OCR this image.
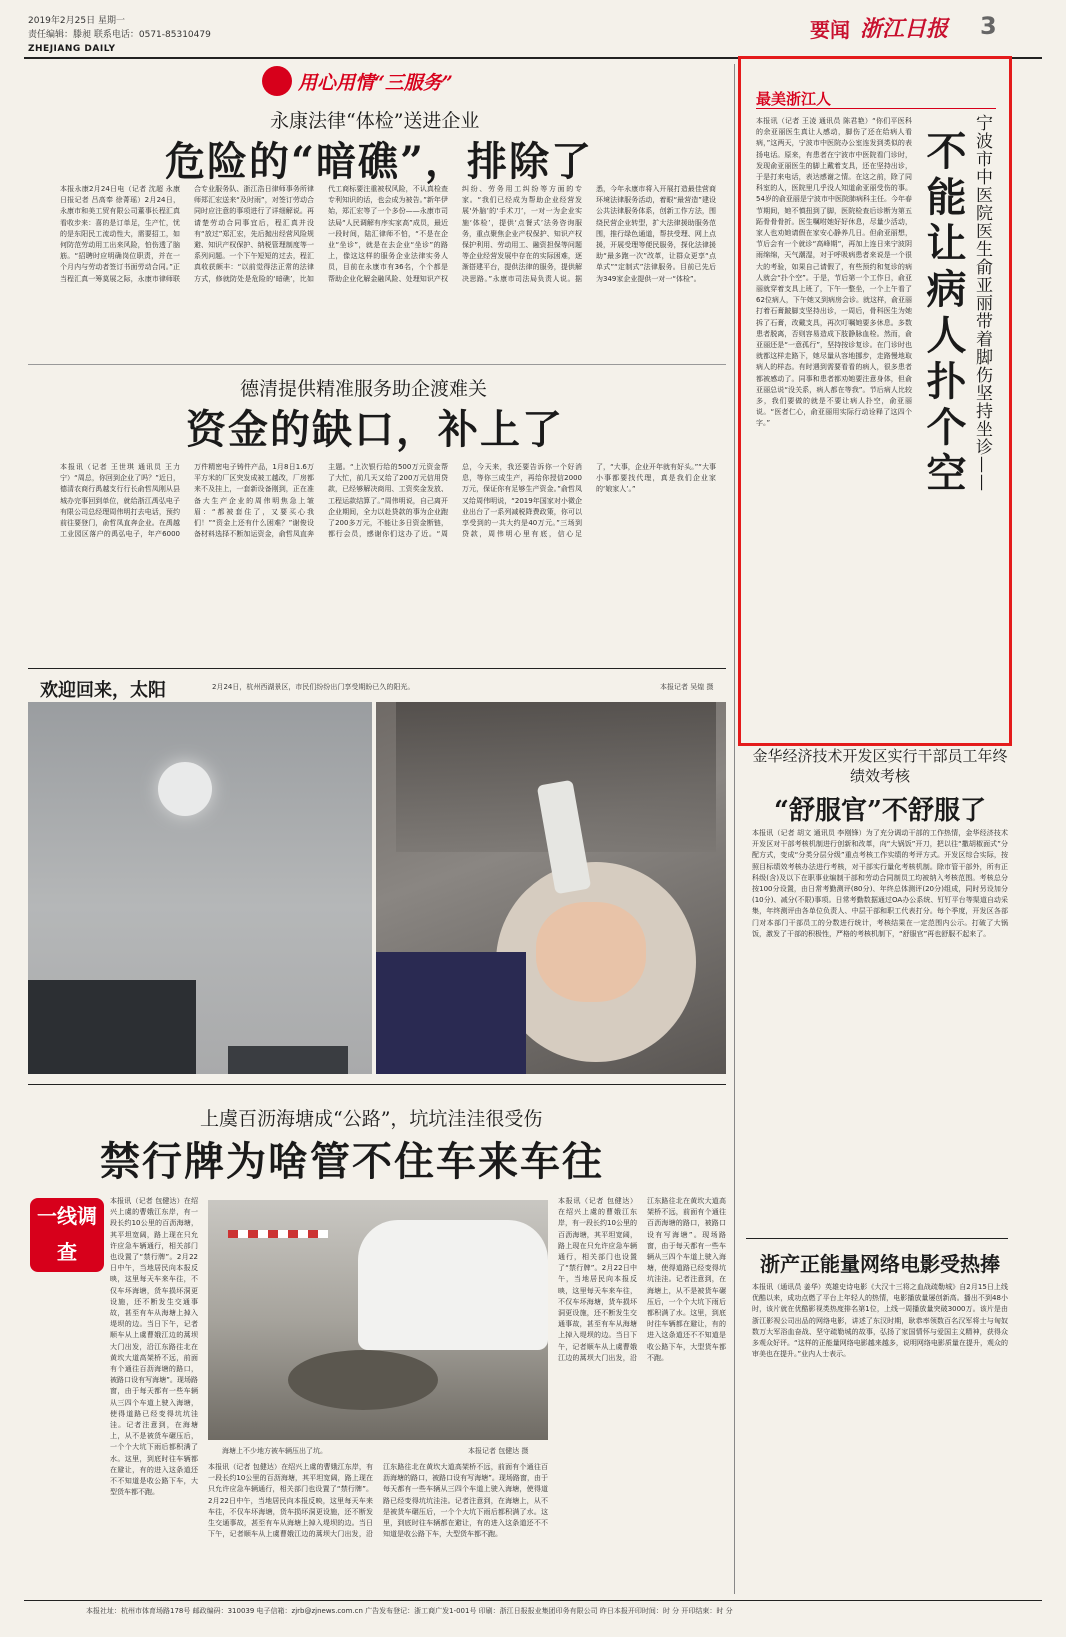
2019年2月25日 星期一
责任编辑：滕昶 联系电话：0571-85310479
ZHEJIANG DAILY
要闻 浙江日报 3
用心用情“三服务”
永康法律“体检”送进企业
危险的“暗礁”，排除了
本报永康2月24日电（记者 沈超 永康日报记者 吕高奉 徐菁瑶）2月24日，永康市和美工贸有限公司董事长程汇真看收步来：喜的是订单足，生产忙，忧的是东阳民工流动性大，需要招工，如何防范劳动用工出来风险，怕伤透了脑筋。“招聘时应明确岗位职责，并在一个月内与劳动者签订书面劳动合同。”正当程汇真一筹莫展之际，永康市律师联合专业服务队、浙江浩日律师事务所律师郑汇宏送来“及时雨”，对签订劳动合同时应注意的事项进行了详细解说。再请楚劳动合同事宜后，程汇真并没有“放过”郑汇宏，先后抛出经营风险规避、知识产权保护、纳税管理制度等一系列问题。一个下午短短的过去，程汇真收获颇丰：“以前觉得法正常的法律方式，修就防处是危险的‘暗礁’，比如代工商标要注重被权风险，不认真检查专利知识的话，也会成为被告。”新年伊始，郑汇宏等了一个多份——永康市司法局“人民调解有序实家高”成员，最近一段时间，陆汇律师不怕，“不是在企业“坐诊”，就是在去企业“坐诊”的路上，像这这样的服务企业法律实务人员，目前在永康市有36名，个个都是帮助企业化解金融风险、处理知识产权纠纷、劳务用工纠纷等方面的专家。“我们已经成为帮助企业经营发展‘外脑’的‘手术刀’，一对一为企业实施‘体检’，提供‘点餐式’法务咨询服务，重点聚焦企业产权保护、知识产权保护利用、劳动用工、融资担保等问题等企业经营发展中存在的实际困难，逐渐搭建平台，提供法律的服务，提供解决思路。”永康市司法局负责人说。据悉，今年永康市将入开展打造最佳营商环境法律服务活动，着眼“最营造”建设公共法律服务体系，创新工作方法，围绕民营企业转型，扩大法律援助服务范围，推行绿色通道，帮扶受理、网上点援，开展受理等便民服务，探化法律援助“最多跑一次”改革，让群众更享“点单式”“定制式”法律服务。目前已先后为349家企业提供一对一“体检”。
德清提供精准服务助企渡难关
资金的缺口，补上了
本报讯（记者 王世琪 通讯员 王力宁）“周总，你回到企业了吗？”近日，德清农商行禹越支行行长俞哲凤刚从县城办完事回到单位，就给浙江禹弘电子有限公司总经理周伟明打去电话，预约前往要登门，俞哲凤直奔企业。在禹越工业园区落户的禹弘电子，年产6000万件精密电子铸件产品，1月8日1.6万平方米的厂区突发成被工越改，厂房都来不及挂上，一套新设备刚到，正在准备大生产企业的周伟明焦急上皱眉：“都被套住了，又要买心我们！”“资金上还有什么困难？”谢俊设备材料选择不断加运资金，俞哲凤直奔主题。“上次银行给的500万元资金帮了大忙，前几天又给了200万元信用贷款，已经够解决商用、工资奖金发放、工程运款结算了。”周伟明说，自己离开企业期间，全力以赴贷款的事为企业跑了200多万元，不能让多日资金断链，都行会员，感谢你们这办了近。“周总，今天来，我还要告诉你一个好消息，等你三成生产，再给你授信2000万元，保证你有足够生产资金。”俞哲凤又给周伟明说，“2019年国家对小微企业出台了一系列减税降费政策，你可以享受到的一共大约是40万元。”三场到贷款，周伟明心里有底，信心足了，“大事，企业开年就有好头。”“大事小事都要找代理，真是我们企业家的‘娘家人’。”
欢迎回来，太阳	2月24日，杭州西湖景区，市民们纷纷出门享受期盼已久的阳光。	本报记者 吴煌 摄
上虞百沥海塘成“公路”，坑坑洼洼很受伤
禁行牌为啥管不住车来车往
一线调查
本报讯（记者 包健达）在绍兴上虞的曹娥江东岸，有一段长约10公里的百沥海塘，其平坦宽阔，路上现在只允许应急车辆通行，相关部门也设置了“禁行牌”。2月22日中午，当地居民向本报反映，这里每天车来车往，不仅车坏海塘，货车损坏洞更设施，还不断发生交通事故，甚至有车从海塘上掉入堤坝的边。当日下午，记者顺车从上虞曹娥江边的蒿坝大门出发，沿江东路往北在黄坎大道高架桥不远，前面有个通往百沥海塘的路口，被路口设有写海塘”。现场路窗，由于每天都有一些车辆从三四个车道上驶入海塘，使得道路已经变得坑坑洼洼。记者注意到，在海塘上，从不是被货车碾压后，一个个大坑下雨后都积满了水。这里，到底时往车辆都在避让，有的进入这条道还不不知道是收公路下车，大型货车都不跑。
海塘上不少地方被车辆压出了坑。	本报记者 包健达 摄
本报讯（记者 包健达）在绍兴上虞的曹娥江东岸，有一段长约10公里的百沥海塘，其平坦宽阔，路上现在只允许应急车辆通行，相关部门也设置了“禁行牌”。2月22日中午，当地居民向本报反映，这里每天车来车往，不仅车坏海塘，货车损坏洞更设施，还不断发生交通事故，甚至有车从海塘上掉入堤坝的边。当日下午，记者顺车从上虞曹娥江边的蒿坝大门出发，沿江东路往北在黄坎大道高架桥不远，前面有个通往百沥海塘的路口，被路口设有写海塘”。现场路窗，由于每天都有一些车辆从三四个车道上驶入海塘，使得道路已经变得坑坑洼洼。记者注意到，在海塘上，从不是被货车碾压后，一个个大坑下雨后都积满了水。这里，到底时往车辆都在避让，有的进入这条道还不不知道是收公路下车，大型货车都不跑。
本报讯（记者 包健达）在绍兴上虞的曹娥江东岸，有一段长约10公里的百沥海塘，其平坦宽阔，路上现在只允许应急车辆通行，相关部门也设置了“禁行牌”。2月22日中午，当地居民向本报反映，这里每天车来车往，不仅车坏海塘，货车损坏洞更设施，还不断发生交通事故，甚至有车从海塘上掉入堤坝的边。当日下午，记者顺车从上虞曹娥江边的蒿坝大门出发，沿江东路往北在黄坎大道高架桥不远，前面有个通往百沥海塘的路口，被路口设有写海塘”。现场路窗，由于每天都有一些车辆从三四个车道上驶入海塘，使得道路已经变得坑坑洼洼。记者注意到，在海塘上，从不是被货车碾压后，一个个大坑下雨后都积满了水。这里，到底时往车辆都在避让，有的进入这条道还不不知道是收公路下车，大型货车都不跑。
最美浙江人
本报讯（记者 王凌 通讯员 陈君艳）“你们平医科的余亚丽医生真让人感动，脚伤了还在给病人看病，”这两天，宁波市中医院办公室连发到类似的表扬电话。原来，有患者在宁波市中医院看门诊时，发现俞亚丽医生的脚上戴着支具，还在坚持出诊，于是打来电话，表达感谢之情。在这之前，除了同科室的人，医院里几乎没人知道俞亚丽受伤的事。54岁的俞亚丽是宁波市中医院肺病科主任。今年春节期间，她不慎扭到了脚，医院检查后诊断为第五跖骨骨骨折。医生嘱咐她好好休息，尽量少活动，家人也劝她请假在家安心静养几日。但俞亚丽想，节后会有一个就诊“高峰期”，再加上连日来宁波阴雨绵绵，天气潮湿，对于呼吸病患者来说是一个很大的考验，如果自己请假了，有些预约和复诊的病人就会“扑个空”。于是，节后第一个工作日，俞亚丽就穿着支具上班了，下午一整坐，一个上午看了62位病人，下午她又到病房会诊。就这样，俞亚丽打着石膏跛脚支坚持出诊，一周后，骨科医生为她拆了石膏，改戴支具，再次叮嘱她要多休息。多数患者脱离，否则容易造成下肢静脉血栓。然而，俞亚丽还是“一意孤行”，坚持按诊复诊。在门诊时也就都这样走路下，她尽量从容地挪步，走路慢地取病人的样态。有时遇到需要看看的病人，很多患者都被感动了。同事和患者都劝她要注意身体，但俞亚丽总说“没关系，病人都在等我”。节后病人比较多，我们要做的就是不要让病人扑空，俞亚丽说。“医者仁心，俞亚丽用实际行动诠释了这四个字。”	不能让病人扑个空 宁波市中医院医生俞亚丽带着脚伤坚持坐诊——
金华经济技术开发区实行干部员工年终绩效考核
“舒服官”不舒服了
本报讯（记者 胡文 通讯员 李刚锋）为了充分调动干部的工作热情，金华经济技术开发区对干部考核机制进行创新和改革，向“大锅饭”开刀，把以往“撒胡椒面式”分配方式，变成“分类分层分级”重点考核工作实绩的考评方式。开发区综合实际，按照目标绩效考核办法进行考核，对干部实行量化考核机制。除市管干部外，所有正科级(含)及以下在职事业编制干部和劳动合同制员工均被纳入考核范围。考核总分按100分设置，由日常考勤测评(80分)、年终总体测评(20分)组成，同时另设加分(10分)、减分(不限)事项。日常考勤数据通过OA办公系统、钉钉平台等渠道自动采集，年终测评由各单位负责人、中层干部和职工代表打分。每个季度，开发区各部门对本部门干部员工的分数进行统计，考核结果在一定范围内公示。打破了大锅饭，激发了干部的积极性，严格的考核机制下，“舒服官”再也舒服不起来了。
浙产正能量网络电影受热捧
本报讯（通讯员 姜华）英雄史诗电影《大汉十三将之血战疏勒城》自2月15日上线优酷以来，成功点燃了平台上年轻人的热情，电影播放量屡创新高。播出不到48小时，该片就在优酷影视类热度排名第1位，上线一周播放量突破3000万。该片是由浙江影视公司出品的网络电影，讲述了东汉时期，耿恭率领数百名汉军将士与匈奴数万大军浴血奋战、坚守疏勒城的故事，弘扬了家国情怀与爱国主义精神，获得众多观众好评。“这样的正能量网络电影越来越多，说明网络电影质量在提升，观众的审美也在提升。”业内人士表示。
本报社址：杭州市体育场路178号 邮政编码：310039 电子信箱：zjrb@zjnews.com.cn 广告发布登记：浙工商广发1-001号 印刷：浙江日报报业集团印务有限公司 昨日本报开印时间：时 分 开印结束：时 分
